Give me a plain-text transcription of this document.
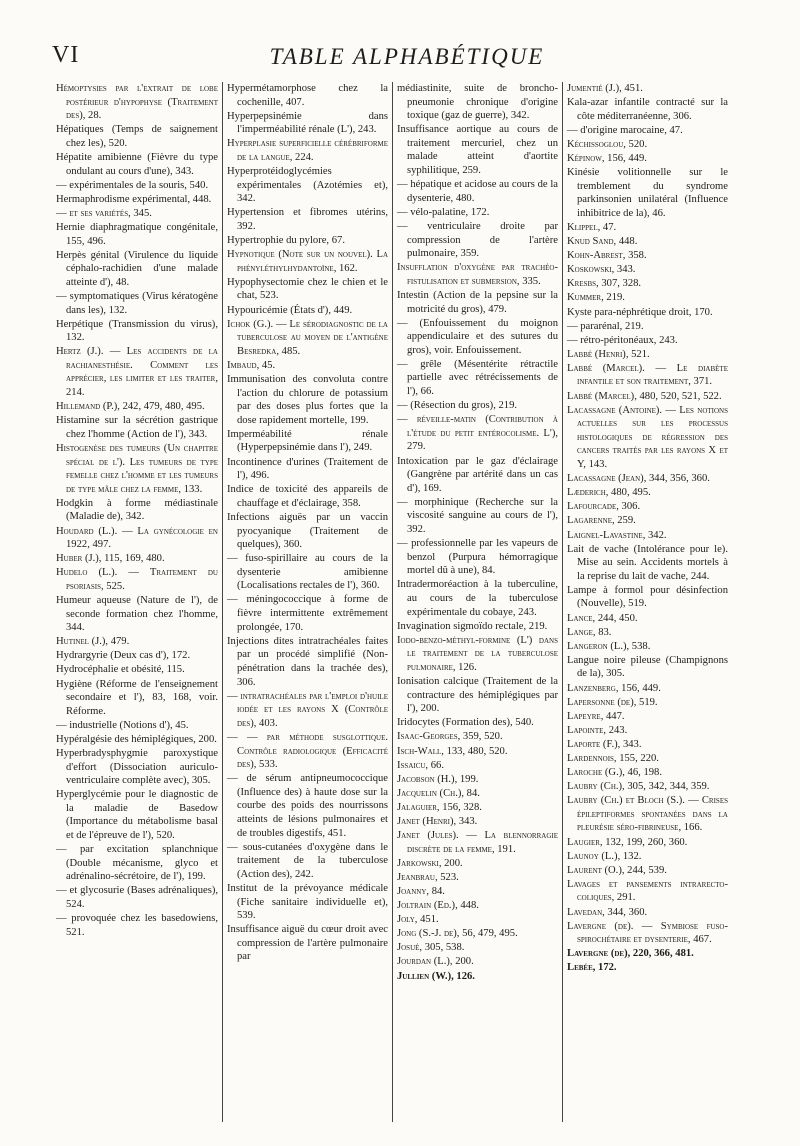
VI	TABLE ALPHABÉTIQUE

Hémoptysies par l'extrait de lobe postérieur d'hypophyse (Traitement des), 28.

Hépatiques (Temps de saignement chez les), 520.

Hépatite amibienne (Fièvre du type ondulant au cours d'une), 343.

— expérimentales de la souris, 540.

Hermaphrodisme expérimental, 448.

— et ses variétés, 345.

Hernie diaphragmatique congénitale, 155, 496.

Herpès génital (Virulence du liquide céphalo-rachidien d'une malade atteinte d'), 48.

— symptomatiques (Virus kératogène dans les), 132.

Herpétique (Transmission du virus), 132.

Hertz (J.). — Les accidents de la rachianesthésie. Comment les apprécier, les limiter et les traiter, 214.

Hillemand (P.), 242, 479, 480, 495.

Histamine sur la sécrétion gastrique chez l'homme (Action de l'), 343.

Histogenèse des tumeurs (Un chapitre spécial de l'). Les tumeurs de type femelle chez l'homme et les tumeurs de type mâle chez la femme, 133.

Hodgkin à forme médiastinale (Maladie de), 342.

Houdard (L.). — La gynécologie en 1922, 497.

Huber (J.), 115, 169, 480.

Hudelo (L.). — Traitement du psoriasis, 525.

Humeur aqueuse (Nature de l'), de seconde formation chez l'homme, 344.

Hutinel (J.), 479.

Hydrargyrie (Deux cas d'), 172.

Hydrocéphalie et obésité, 115.

Hygiène (Réforme de l'enseignement secondaire et l'), 83, 168, voir. Réforme.

— industrielle (Notions d'), 45.

Hypéralgésie des hémiplégiques, 200.

Hyperbradysphygmie paroxystique d'effort (Dissociation auriculo-ventriculaire complète avec), 305.

Hyperglycémie pour le diagnostic de la maladie de Basedow (Importance du métabolisme basal et de l'épreuve de l'), 520.

— par excitation splanchnique (Double mécanisme, glyco et adrénalino-sécrétoire, de l'), 199.

— et glycosurie (Bases adrénaliques), 524.

— provoquée chez les basedowiens, 521.

Hypermétamorphose chez la cochenille, 407.

Hyperpepsinémie dans l'imperméabilité rénale (L'), 243.

Hyperplasie superficielle cérébriforme de la langue, 224.

Hyperprotéidoglycémies expérimentales (Azotémies et), 342.

Hypertension et fibromes utérins, 392.

Hypertrophie du pylore, 67.

Hypnotique (Note sur un nouvel). La phényléthylhydantoïne, 162.

Hypophysectomie chez le chien et le chat, 523.

Hypouricémie (États d'), 449.

Ichok (G.). — Le sérodiagnostic de la tuberculose au moyen de l'antigène Besredka, 485.

Imbaud, 45.

Immunisation des convoluta contre l'action du chlorure de potassium par des doses plus fortes que la dose rapidement mortelle, 199.

Imperméabilité rénale (Hyperpepsinémie dans l'), 249.

Incontinence d'urines (Traitement de l'), 496.

Indice de toxicité des appareils de chauffage et d'éclairage, 358.

Infections aiguës par un vaccin pyocyanique (Traitement de quelques), 360.

— fuso-spirillaire au cours de la dysenterie amibienne (Localisations rectales de l'), 360.

— méningococcique à forme de fièvre intermittente extrêmement prolongée, 170.

Injections dites intratrachéales faites par un procédé simplifié (Non-pénétration dans la trachée des), 306.

— intratrachéales par l'emploi d'huile iodée et les rayons X (Contrôle des), 403.

— — par méthode susglottique. Contrôle radiologique (Efficacité des), 533.

— de sérum antipneumococcique (Influence des) à haute dose sur la courbe des poids des nourrissons atteints de lésions pulmonaires et de troubles digestifs, 451.

— sous-cutanées d'oxygène dans le traitement de la tuberculose (Action des), 242.

Institut de la prévoyance médicale (Fiche sanitaire individuelle et), 539.

Insuffisance aiguë du cœur droit avec compression de l'artère pulmonaire par

médiastinite, suite de broncho-pneumonie chronique d'origine toxique (gaz de guerre), 342.

Insuffisance aortique au cours de traitement mercuriel, chez un malade atteint d'aortite syphilitique, 259.

— hépatique et acidose au cours de la dysenterie, 480.

— vélo-palatine, 172.

— ventriculaire droite par compression de l'artère pulmonaire, 359.

Insufflation d'oxygène par trachéo-fistulisation et submersion, 335.

Intestin (Action de la pepsine sur la motricité du gros), 479.

— (Enfouissement du moignon appendiculaire et des sutures du gros), voir. Enfouissement.

— grêle (Mésentérite rétractile partielle avec rétrécissements de l'), 66.

— (Résection du gros), 219.

— réveille-matin (Contribution à l'étude du petit entérocolisme. L'), 279.

Intoxication par le gaz d'éclairage (Gangrène par artérité dans un cas d'), 169.

— morphinique (Recherche sur la viscosité sanguine au cours de l'), 392.

— professionnelle par les vapeurs de benzol (Purpura hémorragique mortel dû à une), 84.

Intradermoréaction à la tuberculine, au cours de la tuberculose expérimentale du cobaye, 243.

Invagination sigmoïdo rectale, 219.

Iodo-benzo-méthyl-formine (L') dans le traitement de la tuberculose pulmonaire, 126.

Ionisation calcique (Traitement de la contracture des hémiplégiques par l'), 200.

Iridocytes (Formation des), 540.

Isaac-Georges, 359, 520.

Isch-Wall, 133, 480, 520.

Issaicu, 66.

Jacobson (H.), 199.

Jacquelin (Ch.), 84.

Jalaguier, 156, 328.

Janet (Henri), 343.

Janet (Jules). — La blennorragie discrète de la femme, 191.

Jarkowski, 200.

Jeanbrau, 523.

Joanny, 84.

Joltrain (Ed.), 448.

Joly, 451.

Jong (S.-J. de), 56, 479, 495.

Josué, 305, 538.

Jourdan (L.), 200.

Jullien (W.), 126.

Jumentié (J.), 451.

Kala-azar infantile contracté sur la côte méditerranéenne, 306.

— d'origine marocaine, 47.

Kéchissoglou, 520.

Képinow, 156, 449.

Kinésie volitionnelle sur le tremblement du syndrome parkinsonien unilatéral (Influence inhibitrice de la), 46.

Klippel, 47.

Knud Sand, 448.

Kohn-Abrest, 358.

Koskowski, 343.

Kresbs, 307, 328.

Kummer, 219.

Kyste para-néphrétique droit, 170.

— pararénal, 219.

— rétro-péritonéaux, 243.

Labbé (Henri), 521.

Labbé (Marcel). — Le diabète infantile et son traitement, 371.

Labbé (Marcel), 480, 520, 521, 522.

Lacassagne (Antoine). — Les notions actuelles sur les processus histologiques de régression des cancers traités par les rayons X et Y, 143.

Lacassagne (Jean), 344, 356, 360.

Læderich, 480, 495.

Lafourcade, 306.

Lagarenne, 259.

Laignel-Lavastine, 342.

Lait de vache (Intolérance pour le). Mise au sein. Accidents mortels à la reprise du lait de vache, 244.

Lampe à formol pour désinfection (Nouvelle), 519.

Lance, 244, 450.

Lange, 83.

Langeron (L.), 538.

Langue noire pileuse (Champignons de la), 305.

Lanzenberg, 156, 449.

Lapersonne (de), 519.

Lapeyre, 447.

Lapointe, 243.

Laporte (F.), 343.

Lardennois, 155, 220.

Laroche (G.), 46, 198.

Laubry (Ch.), 305, 342, 344, 359.

Laubry (Ch.) et Bloch (S.). — Crises épileptiformes spontanées dans la pleurésie séro-fibrineuse, 166.

Laugier, 132, 199, 260, 360.

Launoy (L.), 132.

Laurent (O.), 244, 539.

Lavages et pansements intrarecto-coliques, 291.

Lavedan, 344, 360.

Lavergne (de). — Symbiose fuso-spirochétaire et dysenterie, 467.

Lavergne (de), 220, 366, 481.

Lebée, 172.
